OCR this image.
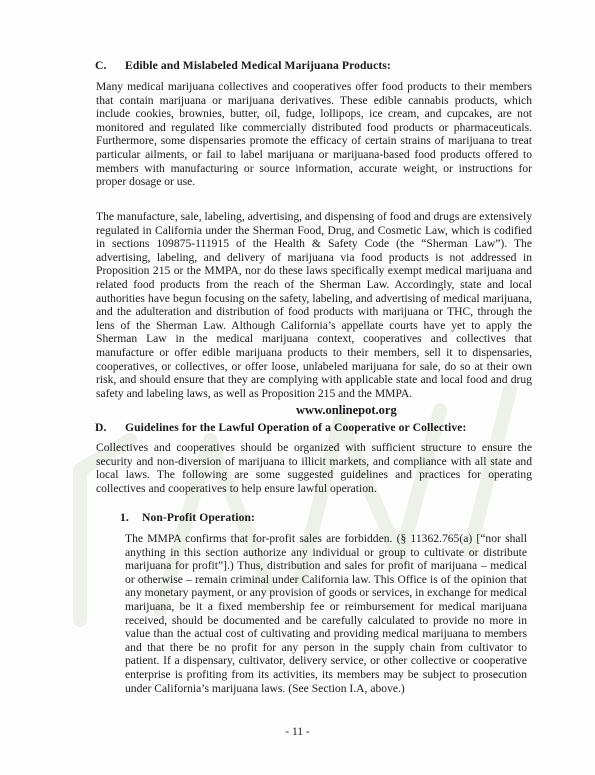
C. Edible and Mislabeled Medical Marijuana Products:

Many medical marijuana collectives and cooperatives offer food products to their members that contain marijuana or marijuana derivatives. These edible cannabis products, which include cookies, brownies, butter, oil, fudge, lollipops, ice cream, and cupcakes, are not monitored and regulated like commercially distributed food products or pharmaceuticals. Furthermore, some dispensaries promote the efficacy of certain strains of marijuana to treat particular ailments, or fail to label marijuana or marijuana-based food products offered to members with manufacturing or source information, accurate weight, or instructions for proper dosage or use.

The manufacture, sale, labeling, advertising, and dispensing of food and drugs are extensively regulated in California under the Sherman Food, Drug, and Cosmetic Law, which is codified in sections 109875-111915 of the Health & Safety Code (the “Sherman Law”). The advertising, labeling, and delivery of marijuana via food products is not addressed in Proposition 215 or the MMPA, nor do these laws specifically exempt medical marijuana and related food products from the reach of the Sherman Law. Accordingly, state and local authorities have begun focusing on the safety, labeling, and advertising of medical marijuana, and the adulteration and distribution of food products with marijuana or THC, through the lens of the Sherman Law. Although California’s appellate courts have yet to apply the Sherman Law in the medical marijuana context, cooperatives and collectives that manufacture or offer edible marijuana products to their members, sell it to dispensaries, cooperatives, or collectives, or offer loose, unlabeled marijuana for sale, do so at their own risk, and should ensure that they are complying with applicable state and local food and drug safety and labeling laws, as well as Proposition 215 and the MMPA.

www.onlinepot.org
D. Guidelines for the Lawful Operation of a Cooperative or Collective:

Collectives and cooperatives should be organized with sufficient structure to ensure the security and non-diversion of marijuana to illicit markets, and compliance with all state and local laws. The following are some suggested guidelines and practices for operating collectives and cooperatives to help ensure lawful operation.

1. Non-Profit Operation:

The MMPA confirms that for-profit sales are forbidden. (§ 11362.765(a) [“nor shall anything in this section authorize any individual or group to cultivate or distribute marijuana for profit”].) Thus, distribution and sales for profit of marijuana – medical or otherwise – remain criminal under California law. This Office is of the opinion that any monetary payment, or any provision of goods or services, in exchange for medical marijuana, be it a fixed membership fee or reimbursement for medical marijuana received, should be documented and be carefully calculated to provide no more in value than the actual cost of cultivating and providing medical marijuana to members and that there be no profit for any person in the supply chain from cultivator to patient. If a dispensary, cultivator, delivery service, or other collective or cooperative enterprise is profiting from its activities, its members may be subject to prosecution under California’s marijuana laws. (See Section I.A, above.)

- 11 -
